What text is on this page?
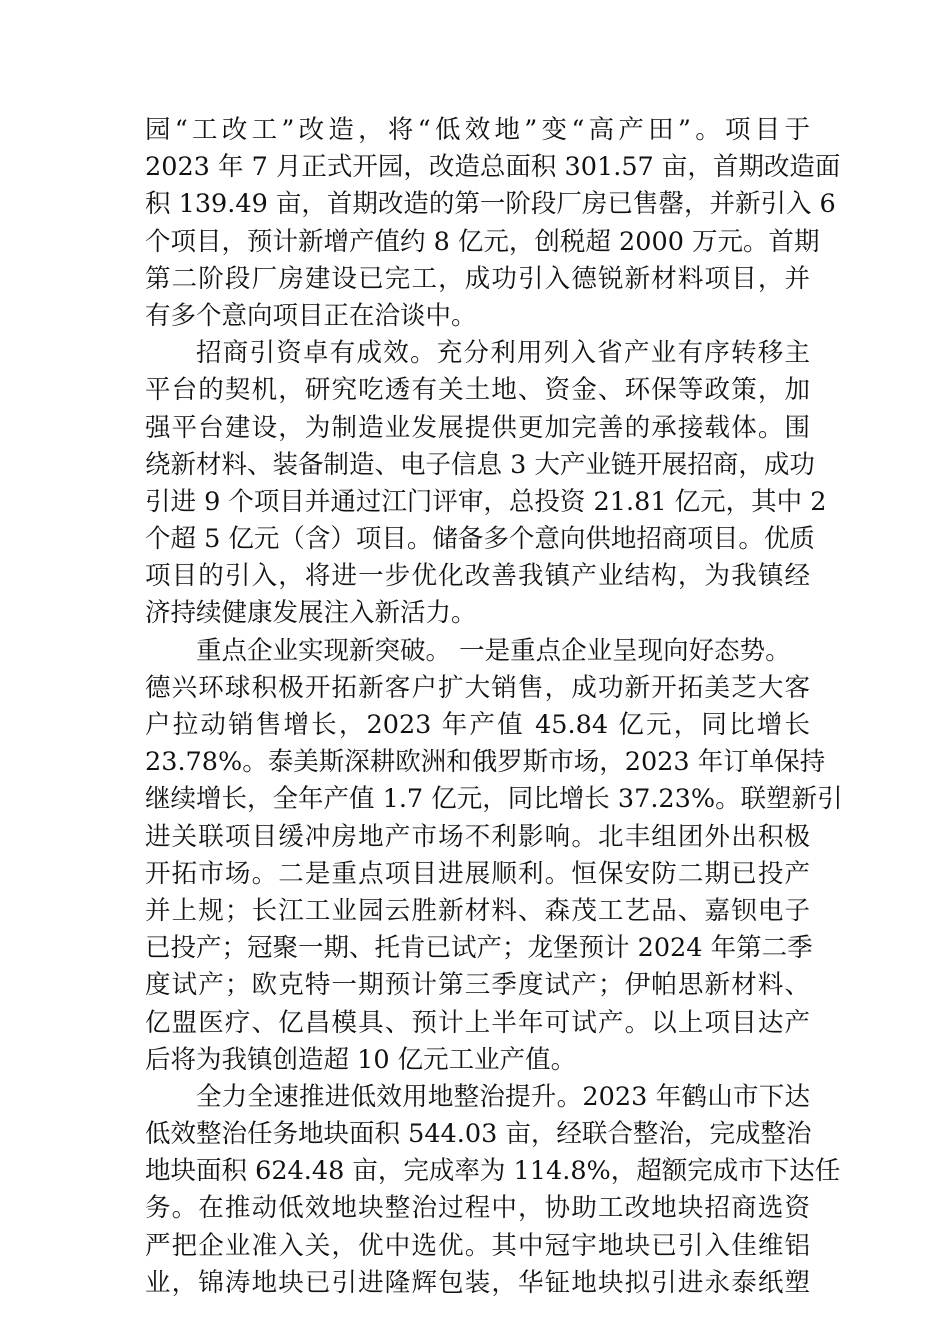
园“工改工”改造，将“低效地”变“高产田”。项目于
2023 年 7 月正式开园，改造总面积 301.57 亩，首期改造面
积 139.49 亩，首期改造的第一阶段厂房已售罄，并新引入 6
个项目，预计新增产值约 8 亿元，创税超 2000 万元。首期
第二阶段厂房建设已完工，成功引入德锐新材料项目，并
有多个意向项目正在洽谈中。
招商引资卓有成效。充分利用列入省产业有序转移主
平台的契机，研究吃透有关土地、资金、环保等政策，加
强平台建设，为制造业发展提供更加完善的承接载体。围
绕新材料、装备制造、电子信息 3 大产业链开展招商，成功
引进 9 个项目并通过江门评审，总投资 21.81 亿元，其中 2
个超 5 亿元（含）项目。储备多个意向供地招商项目。优质
项目的引入，将进一步优化改善我镇产业结构，为我镇经
济持续健康发展注入新活力。
重点企业实现新突破。 一是重点企业呈现向好态势。
德兴环球积极开拓新客户扩大销售，成功新开拓美芝大客
户拉动销售增长，2023 年产值 45.84 亿元，同比增长
23.78%。泰美斯深耕欧洲和俄罗斯市场，2023 年订单保持
继续增长，全年产值 1.7 亿元，同比增长 37.23%。联塑新引
进关联项目缓冲房地产市场不利影响。北丰组团外出积极
开拓市场。二是重点项目进展顺利。恒保安防二期已投产
并上规；长江工业园云胜新材料、森茂工艺品、嘉钡电子
已投产；冠聚一期、托肯已试产；龙堡预计 2024 年第二季
度试产；欧克特一期预计第三季度试产；伊帕思新材料、
亿盟医疗、亿昌模具、预计上半年可试产。以上项目达产
后将为我镇创造超 10 亿元工业产值。
全力全速推进低效用地整治提升。2023 年鹤山市下达
低效整治任务地块面积 544.03 亩，经联合整治，完成整治
地块面积 624.48 亩，完成率为 114.8%，超额完成市下达任
务。在推动低效地块整治过程中，协助工改地块招商选资
严把企业准入关，优中选优。其中冠宇地块已引入佳维铝
业，锦涛地块已引进隆辉包装，华钲地块拟引进永泰纸塑
